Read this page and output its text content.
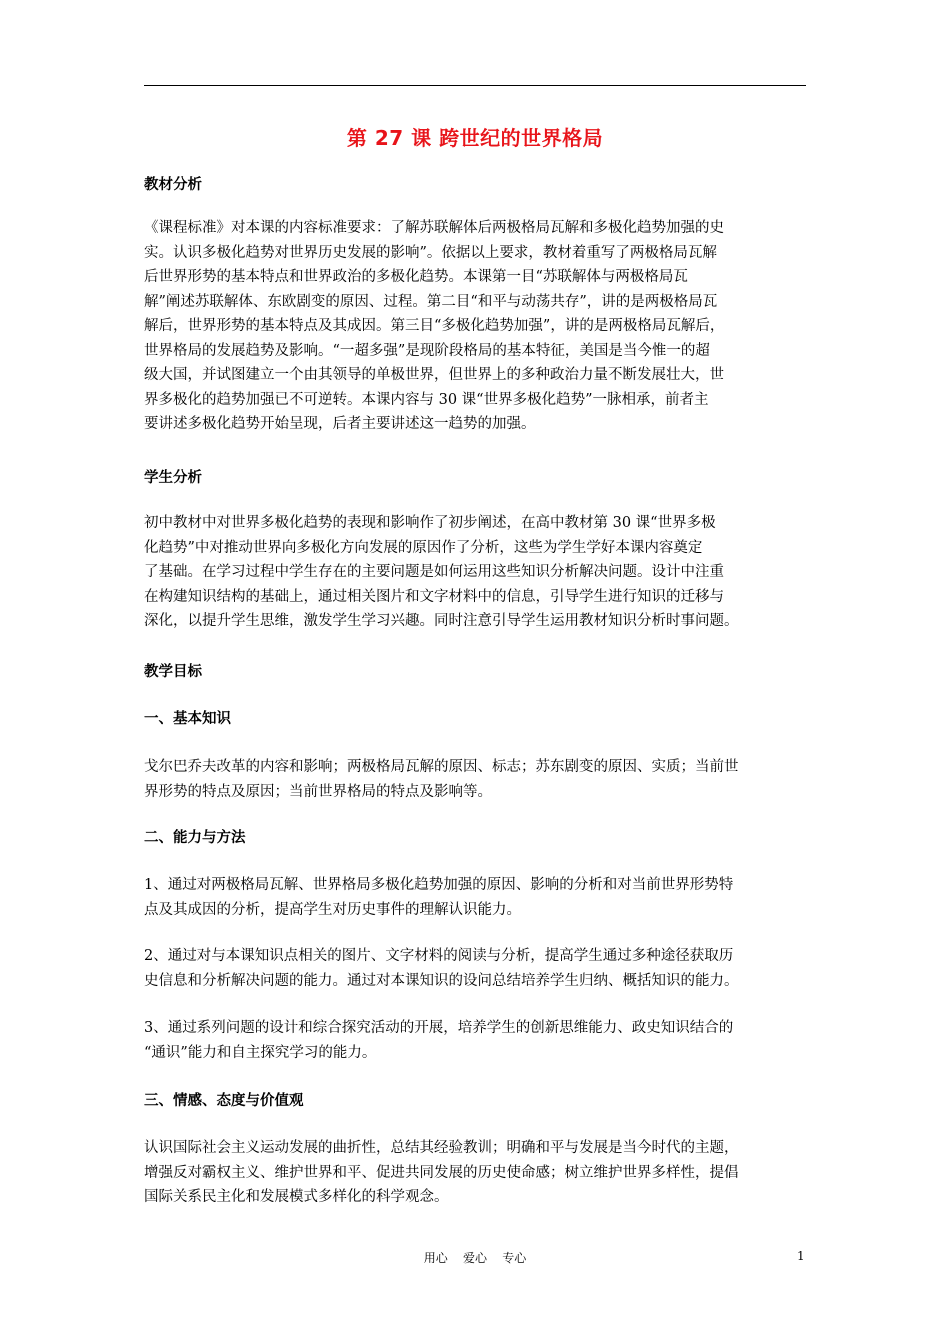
第 27 课 跨世纪的世界格局
教材分析
《课程标准》对本课的内容标准要求：了解苏联解体后两极格局瓦解和多极化趋势加强的史
实。认识多极化趋势对世界历史发展的影响”。依据以上要求，教材着重写了两极格局瓦解
后世界形势的基本特点和世界政治的多极化趋势。本课第一目“苏联解体与两极格局瓦
解”阐述苏联解体、东欧剧变的原因、过程。第二目“和平与动荡共存”，讲的是两极格局瓦
解后，世界形势的基本特点及其成因。第三目“多极化趋势加强”，讲的是两极格局瓦解后，
世界格局的发展趋势及影响。“一超多强”是现阶段格局的基本特征，美国是当今惟一的超
级大国，并试图建立一个由其领导的单极世界，但世界上的多种政治力量不断发展壮大，世
界多极化的趋势加强已不可逆转。本课内容与 30 课“世界多极化趋势”一脉相承，前者主
要讲述多极化趋势开始呈现，后者主要讲述这一趋势的加强。
学生分析
初中教材中对世界多极化趋势的表现和影响作了初步阐述，在高中教材第 30 课“世界多极
化趋势”中对推动世界向多极化方向发展的原因作了分析，这些为学生学好本课内容奠定
了基础。在学习过程中学生存在的主要问题是如何运用这些知识分析解决问题。设计中注重
在构建知识结构的基础上，通过相关图片和文字材料中的信息，引导学生进行知识的迁移与
深化，以提升学生思维，激发学生学习兴趣。同时注意引导学生运用教材知识分析时事问题。
教学目标
一、基本知识
戈尔巴乔夫改革的内容和影响；两极格局瓦解的原因、标志；苏东剧变的原因、实质；当前世
界形势的特点及原因；当前世界格局的特点及影响等。
二、能力与方法
1、通过对两极格局瓦解、世界格局多极化趋势加强的原因、影响的分析和对当前世界形势特
点及其成因的分析，提高学生对历史事件的理解认识能力。
2、通过对与本课知识点相关的图片、文字材料的阅读与分析，提高学生通过多种途径获取历
史信息和分析解决问题的能力。通过对本课知识的设问总结培养学生归纳、概括知识的能力。
3、通过系列问题的设计和综合探究活动的开展，培养学生的创新思维能力、政史知识结合的
“通识”能力和自主探究学习的能力。
三、情感、态度与价值观
认识国际社会主义运动发展的曲折性，总结其经验教训；明确和平与发展是当今时代的主题，
增强反对霸权主义、维护世界和平、促进共同发展的历史使命感；树立维护世界多样性，提倡
国际关系民主化和发展模式多样化的科学观念。
用心    爱心    专心	1
